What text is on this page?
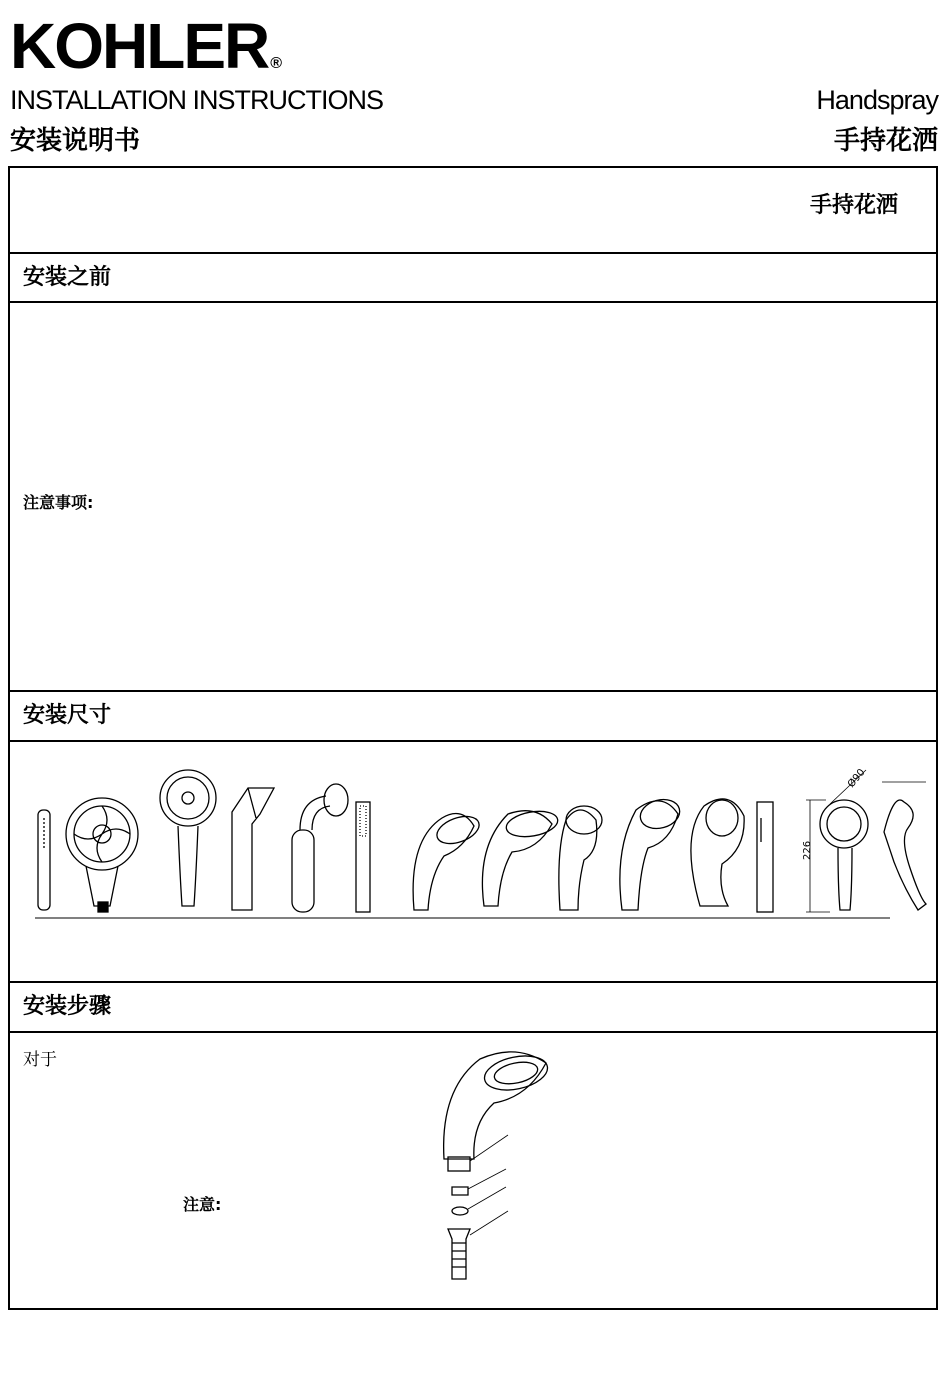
KOHLER ®
INSTALLATION INSTRUCTIONS
安装说明书
Handspray
手持花洒
手持花洒
安装之前
注意事项:
安装尺寸
226
Ø90
安装步骤
对于
注意:
